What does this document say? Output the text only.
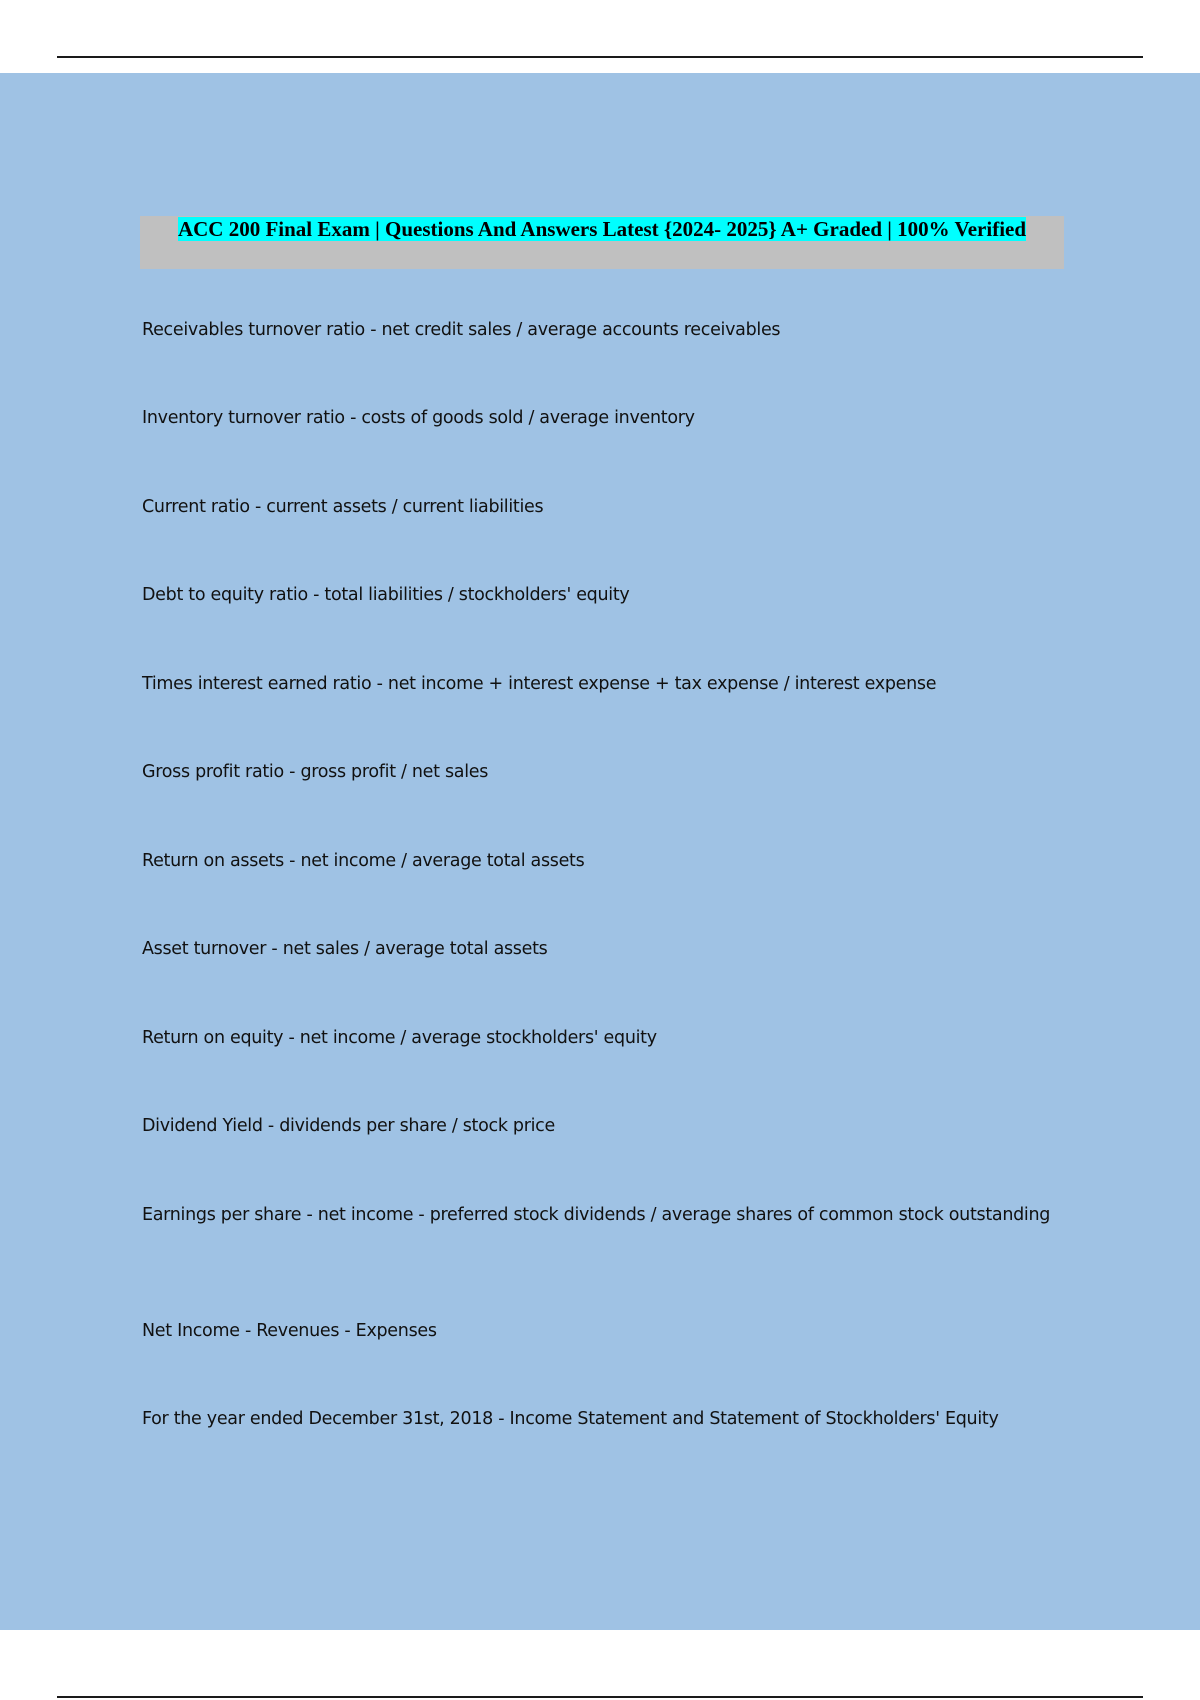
ACC 200 Final Exam | Questions And Answers Latest {2024- 2025} A+ Graded | 100% Verified
Receivables turnover ratio - net credit sales / average accounts receivables
Inventory turnover ratio - costs of goods sold / average inventory
Current ratio - current assets / current liabilities
Debt to equity ratio - total liabilities / stockholders' equity
Times interest earned ratio - net income + interest expense + tax expense / interest expense
Gross profit ratio - gross profit / net sales
Return on assets - net income / average total assets
Asset turnover - net sales / average total assets
Return on equity - net income / average stockholders' equity
Dividend Yield - dividends per share / stock price
Earnings per share - net income - preferred stock dividends / average shares of common stock outstanding
Net Income - Revenues - Expenses
For the year ended December 31st, 2018 - Income Statement and Statement of Stockholders' Equity
